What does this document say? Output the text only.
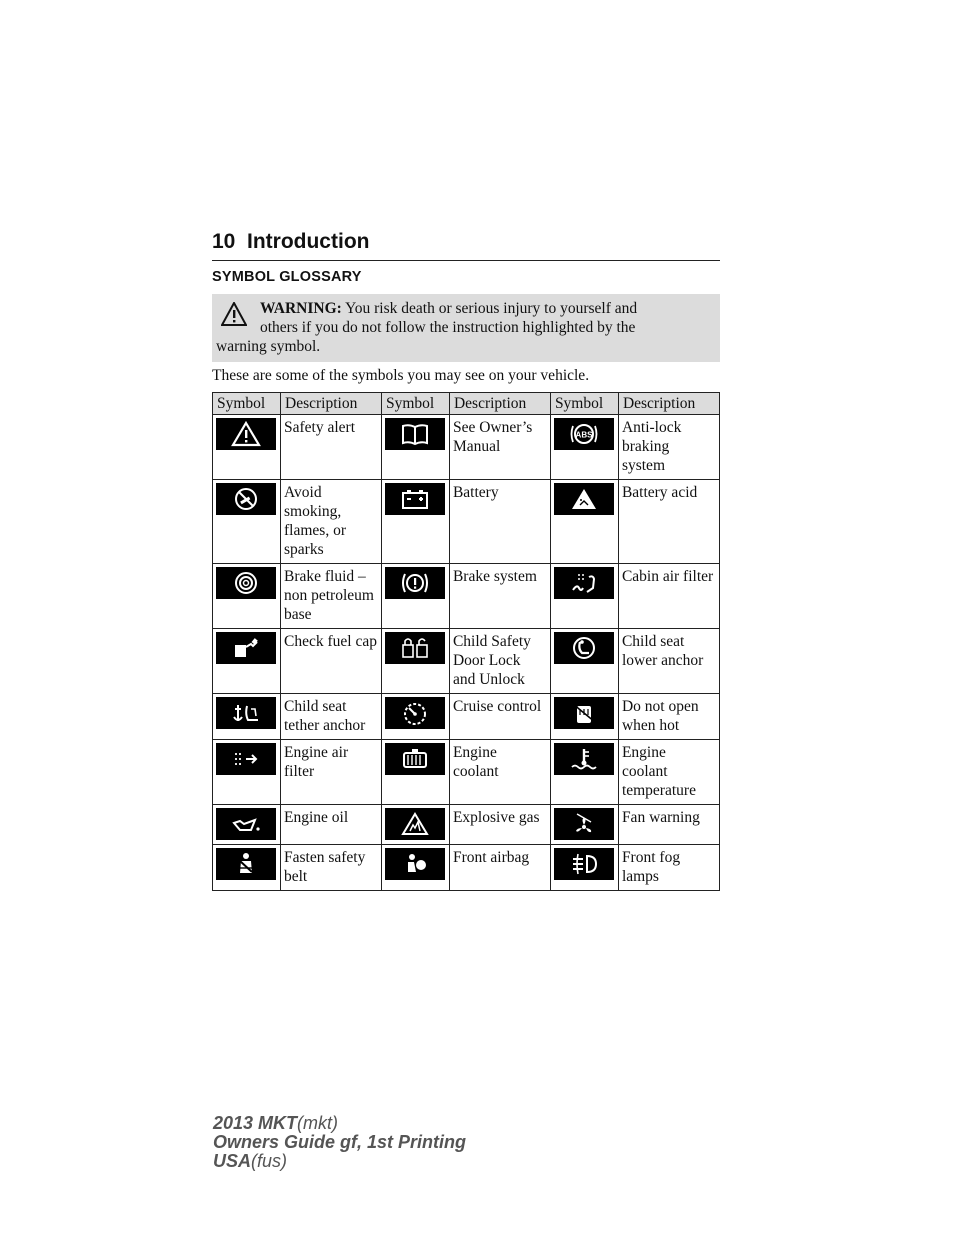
10 Introduction
SYMBOL GLOSSARY
WARNING: You risk death or serious injury to yourself and
others if you do not follow the instruction highlighted by the
warning symbol.
These are some of the symbols you may see on your vehicle.
Symbol	Description	Symbol	Description	Symbol	Description

	Safety alert		See Owner’s Manual	ABS	Anti-lock braking system

	Avoid smoking, flames, or sparks		Battery		Battery acid

	Brake fluid – non petroleum base		Brake system		Cabin air filter

	Check fuel cap		Child Safety Door Lock and Unlock		Child seat lower anchor

	Child seat tether anchor		Cruise control		Do not open when hot

	Engine air filter		Engine coolant		Engine coolant temperature

	Engine oil		Explosive gas		Fan warning

	Fasten safety belt		Front airbag		Front fog lamps
2013 MKT(mkt)
Owners Guide gf, 1st Printing
USA(fus)
